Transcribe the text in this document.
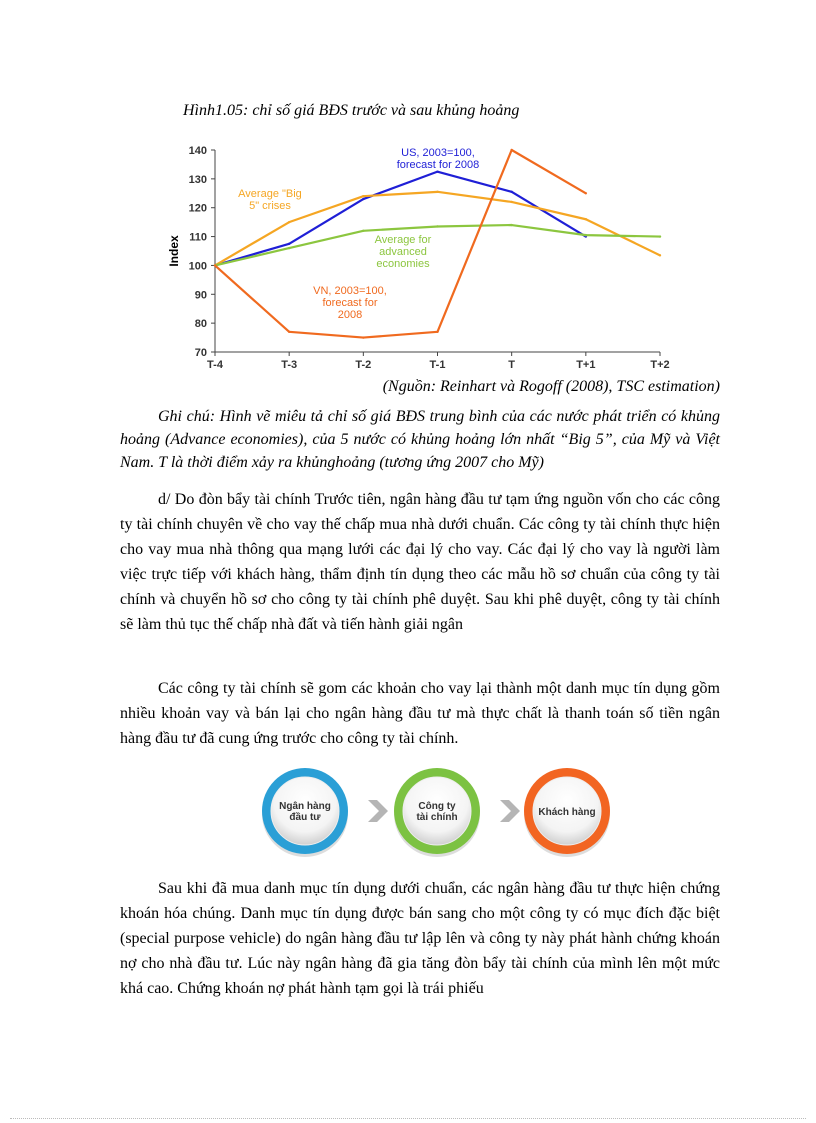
Hình1.05: chỉ số giá BĐS trước và sau khủng hoảng
70
80
90
100
110
120
130
140
T-4	T-3	T-2	T-1	T	T+1	T+2
Index
US, 2003=100, forecast for 2008
Average "Big 5" crises
Average for advanced economies
VN, 2003=100, forecast for 2008
(Nguồn: Reinhart và Rogoff (2008), TSC estimation)
Ghi chú: Hình vẽ miêu tả chỉ số giá BĐS trung bình của các nước phát triển có khủng hoảng (Advance economies), của 5 nước có khủng hoảng lớn nhất “Big 5”, của Mỹ và Việt Nam. T là thời điểm xảy ra khủnghoảng (tương ứng 2007 cho Mỹ)
d/ Do đòn bẩy tài chính Trước tiên, ngân hàng đầu tư tạm ứng nguồn vốn cho các công ty tài chính chuyên về cho vay thế chấp mua nhà dưới chuẩn. Các công ty tài chính thực hiện cho vay mua nhà thông qua mạng lưới các đại lý cho vay. Các đại lý cho vay là người làm việc trực tiếp với khách hàng, thẩm định tín dụng theo các mẫu hồ sơ chuẩn của công ty tài chính và chuyển hồ sơ cho công ty tài chính phê duyệt. Sau khi phê duyệt, công ty tài chính sẽ làm thủ tục thế chấp nhà đất và tiến hành giải ngân
Các công ty tài chính sẽ gom các khoản cho vay lại thành một danh mục tín dụng gồm nhiều khoản vay và bán lại cho ngân hàng đầu tư mà thực chất là thanh toán số tiền ngân hàng đầu tư đã cung ứng trước cho công ty tài chính.
Ngân hàng đầu tư
Công ty tài chính	Khách hàng
Sau khi đã mua danh mục tín dụng dưới chuẩn, các ngân hàng đầu tư thực hiện chứng khoán hóa chúng. Danh mục tín dụng được bán sang cho một công ty có mục đích đặc biệt (special purpose vehicle) do ngân hàng đầu tư lập lên và công ty này phát hành chứng khoán nợ cho nhà đầu tư. Lúc này ngân hàng đã gia tăng đòn bẩy tài chính của mình lên một mức khá cao. Chứng khoán nợ phát hành tạm gọi là trái phiếu
